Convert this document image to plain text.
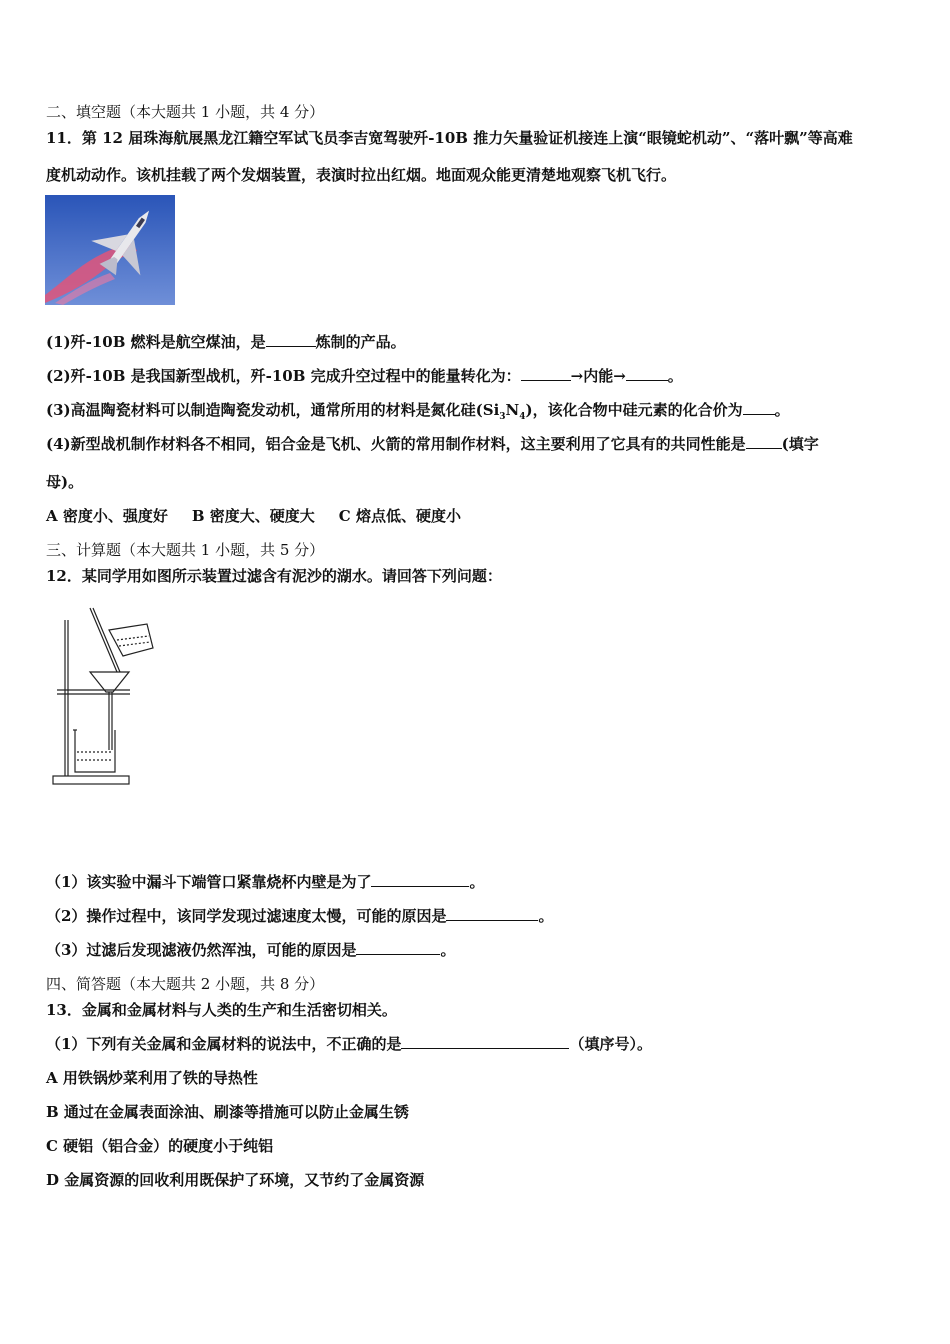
二、填空题（本大题共 1 小题，共 4 分）
11．第 12 届珠海航展黑龙江籍空军试飞员李吉宽驾驶歼-10B 推力矢量验证机接连上演“眼镜蛇机动”、“落叶飘”等高难
度机动动作。该机挂载了两个发烟装置，表演时拉出红烟。地面观众能更清楚地观察飞机飞行。
(1)歼-10B 燃料是航空煤油，是	炼制的产品。
(2)歼-10B 是我国新型战机，歼-10B 完成升空过程中的能量转化为：	→内能→	。
(3)高温陶瓷材料可以制造陶瓷发动机，通常所用的材料是氮化硅$(Si_3N_4)$，该化合物中硅元素的化合价为 。
(4)新型战机制作材料各不相同，铝合金是飞机、火箭的常用制作材料，这主要利用了它具有的共同性能是 (填字
母)。
A 密度小、强度好 B 密度大、硬度大 C 熔点低、硬度小
三、计算题（本大题共 1 小题，共 5 分）
12．某同学用如图所示装置过滤含有泥沙的湖水。请回答下列问题：
（1）该实验中漏斗下端管口紧靠烧杯内壁是为了	。
（2）操作过程中，该同学发现过滤速度太慢，可能的原因是	。
（3）过滤后发现滤液仍然浑浊，可能的原因是	。
四、简答题（本大题共 2 小题，共 8 分）
13．金属和金属材料与人类的生产和生活密切相关。
（1）下列有关金属和金属材料的说法中，不正确的是	（填序号）。
A 用铁锅炒菜利用了铁的导热性
B 通过在金属表面涂油、刷漆等措施可以防止金属生锈
C 硬铝（铝合金）的硬度小于纯铝
D 金属资源的回收利用既保护了环境，又节约了金属资源
